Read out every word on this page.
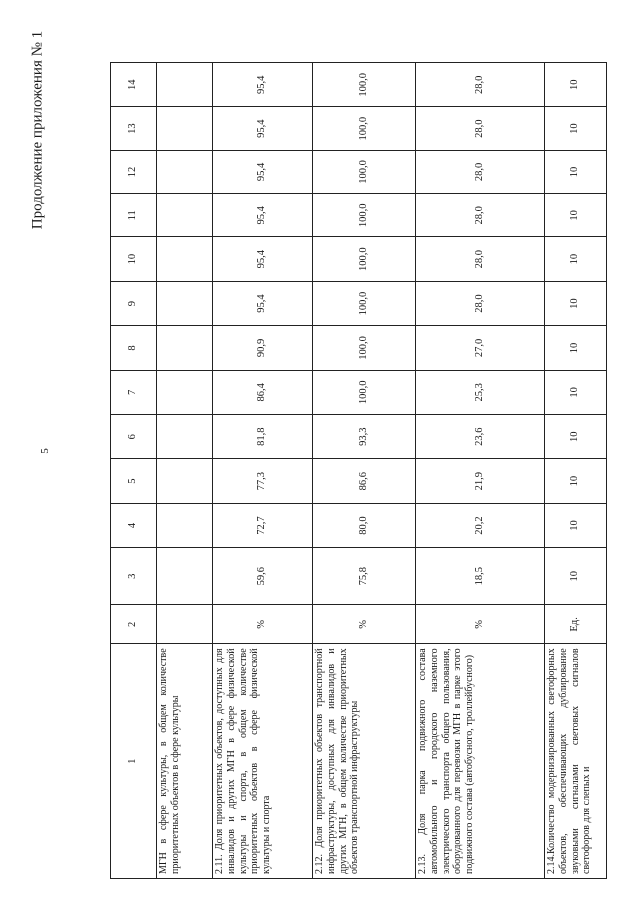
5
Продолжение приложения № 1
1	2	3	4	5	6	7	8	9	10	11	12	13	14
МГН в сфере культуры, в общем количестве приоритетных объектов в сфере культуры													
2.11. Доля приоритетных объектов, доступных для инвалидов и других МГН в сфере физической культуры и спорта, в общем количестве приоритетных объектов в сфере физической культуры и спорта	%	59,6	72,7	77,3	81,8	86,4	90,9	95,4	95,4	95,4	95,4	95,4	95,4
2.12. Доля приоритетных объектов транспортной инфраструктуры, доступных для инвалидов и других МГН, в общем количестве приоритетных объектов транспортной инфраструктуры	%	75,8	80,0	86,6	93,3	100,0	100,0	100,0	100,0	100,0	100,0	100,0	100,0
2.13. Доля парка подвижного состава автомобильного и городского наземного электрического транспорта общего пользования, оборудованного для перевозки МГН в парке этого подвижного состава (автобусного, троллейбусного)	%	18,5	20,2	21,9	23,6	25,3	27,0	28,0	28,0	28,0	28,0	28,0	28,0
2.14.Количество модернизированных светофорных объектов, обеспечивающих дублирование звуковыми сигналами световых сигналов светофоров для слепых и	Ед.	10	10	10	10	10	10	10	10	10	10	10	10
